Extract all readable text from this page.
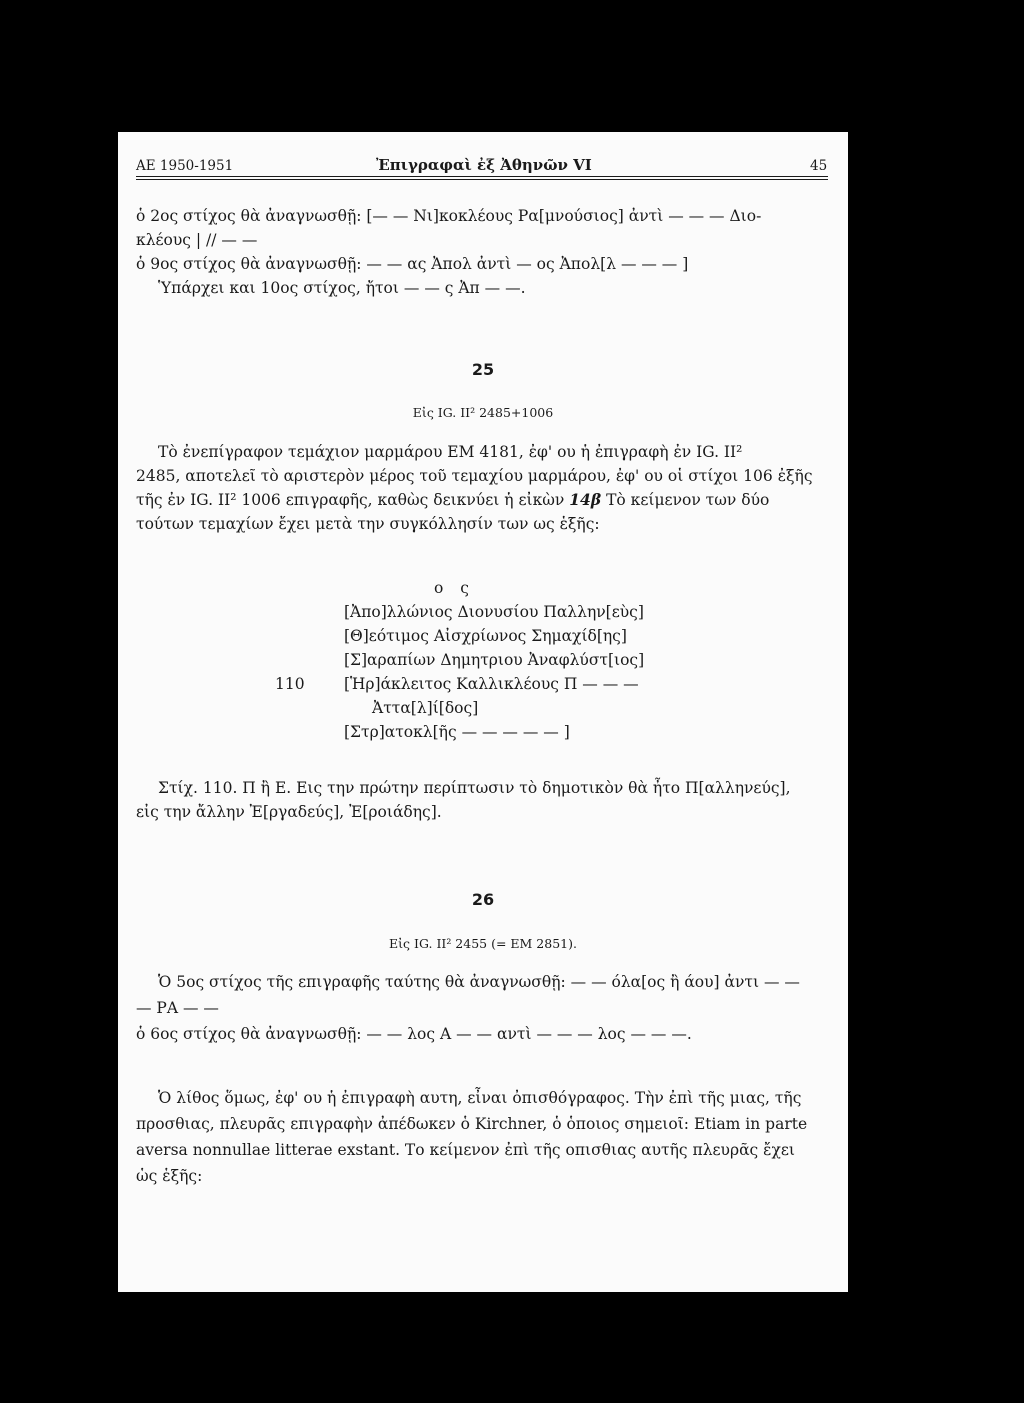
ΑΕ 1950-1951	Ἐπιγραφαὶ ἐξ Ἀθηνῶν VI	45
ὁ 2ος στίχος θὰ ἀναγνωσθῇ: [— — Νι]κοκλέους Ρα[μνούσιος] ἀντὶ — — — Διο-
κλέους | // — —
ὁ 9ος στίχος θὰ ἀναγνωσθῇ: — — ας Ἀπολ ἀντὶ — ος Ἀπολ[λ — — — ]
Ὑπάρχει και 10ος στίχος, ἤτοι — — ς Ἀπ — —.
25
Εἰς IG. II² 2485+1006
Τὸ ἐνεπίγραφον τεμάχιον μαρμάρου ΕΜ 4181, ἐφ' ου ἡ ἐπιγραφὴ ἐν IG. II²
2485, αποτελεῖ τὸ αριστερὸν μέρος τοῦ τεμαχίου μαρμάρου, ἐφ' ου οἱ στίχοι 106 ἐξῆς
τῆς ἐν IG. II² 1006 επιγραφῆς, καθὼς δεικνύει ἡ εἰκὼν 14β Τὸ κείμενον των δύο
τούτων τεμαχίων ἔχει μετὰ την συγκόλλησίν των ως ἑξῆς:
ο ς
[Ἀπο]λλώνιος Διονυσίου Παλλην[εὺς]
[Θ]εότιμος Αἰσχρίωνος Σημαχίδ[ης]
[Σ]αραπίων Δημητριου Ἀναφλύστ[ιος]
110	[Ἡρ]άκλειτος Καλλικλέους Π — — —
Ἀττα[λ]ί[δος]
[Στρ]ατοκλ[ῆς — — — — — ]
Στίχ. 110. Π ἢ Ε. Εις την πρώτην περίπτωσιν τὸ δημοτικὸν θὰ ἦτο Π[αλληνεύς],
εἰς την ἄλλην Ἐ[ργαδεύς], Ἐ[ροιάδης].
26
Εἰς IG. II² 2455 (= ΕΜ 2851).
Ὁ 5ος στίχος τῆς επιγραφῆς ταύτης θὰ ἀναγνωσθῇ: — — όλα[ος ἢ άου] ἀντι — —
— ΡΑ — —
ὁ 6ος στίχος θὰ ἀναγνωσθῇ: — — λος Α — — αντὶ — — — λος — — —.
Ὁ λίθος ὅμως, ἐφ' ου ἡ ἐπιγραφὴ αυτη, εἶναι ὀπισθόγραφος. Τὴν ἐπὶ τῆς μιας, τῆς
προσθιας, πλευρᾶς επιγραφὴν ἀπέδωκεν ὁ Kirchner, ὁ ὁποιος σημειοῖ: Etiam in parte
aversa nonnullae litterae exstant. Το κείμενον ἐπὶ τῆς οπισθιας αυτῆς πλευρᾶς ἔχει
ὡς ἑξῆς:
